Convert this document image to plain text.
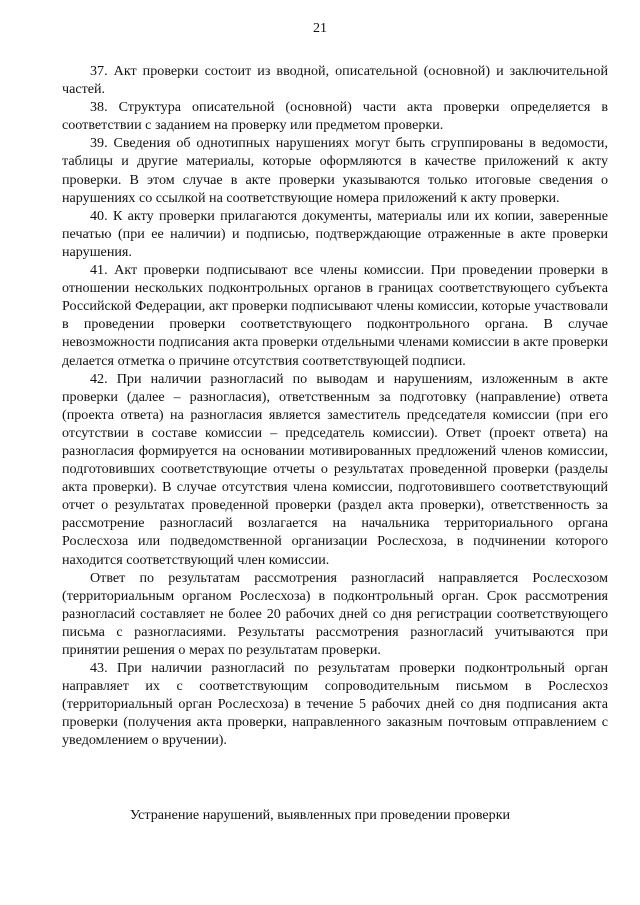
21

37. Акт проверки состоит из вводной, описательной (основной) и заключительной частей.

38. Структура описательной (основной) части акта проверки определяется в соответствии с заданием на проверку или предметом проверки.

39. Сведения об однотипных нарушениях могут быть сгруппированы в ведомости, таблицы и другие материалы, которые оформляются в качестве приложений к акту проверки. В этом случае в акте проверки указываются только итоговые сведения о нарушениях со ссылкой на соответствующие номера приложений к акту проверки.

40. К акту проверки прилагаются документы, материалы или их копии, заверенные печатью (при ее наличии) и подписью, подтверждающие отраженные в акте проверки нарушения.

41. Акт проверки подписывают все члены комиссии. При проведении проверки в отношении нескольких подконтрольных органов в границах соответствующего субъекта Российской Федерации, акт проверки подписывают члены комиссии, которые участвовали в проведении проверки соответствующего подконтрольного органа. В случае невозможности подписания акта проверки отдельными членами комиссии в акте проверки делается отметка о причине отсутствия соответствующей подписи.

42. При наличии разногласий по выводам и нарушениям, изложенным в акте проверки (далее – разногласия), ответственным за подготовку (направление) ответа (проекта ответа) на разногласия является заместитель председателя комиссии (при его отсутствии в составе комиссии – председатель комиссии). Ответ (проект ответа) на разногласия формируется на основании мотивированных предложений членов комиссии, подготовивших соответствующие отчеты о результатах проведенной проверки (разделы акта проверки). В случае отсутствия члена комиссии, подготовившего соответствующий отчет о результатах проведенной проверки (раздел акта проверки), ответственность за рассмотрение разногласий возлагается на начальника территориального органа Рослесхоза или подведомственной организации Рослесхоза, в подчинении которого находится соответствующий член комиссии.

Ответ по результатам рассмотрения разногласий направляется Рослесхозом (территориальным органом Рослесхоза) в подконтрольный орган. Срок рассмотрения разногласий составляет не более 20 рабочих дней со дня регистрации соответствующего письма с разногласиями. Результаты рассмотрения разногласий учитываются при принятии решения о мерах по результатам проверки.

43. При наличии разногласий по результатам проверки подконтрольный орган направляет их с соответствующим сопроводительным письмом в Рослесхоз (территориальный орган Рослесхоза) в течение 5 рабочих дней со дня подписания акта проверки (получения акта проверки, направленного заказным почтовым отправлением с уведомлением о вручении).

Устранение нарушений, выявленных при проведении проверки
